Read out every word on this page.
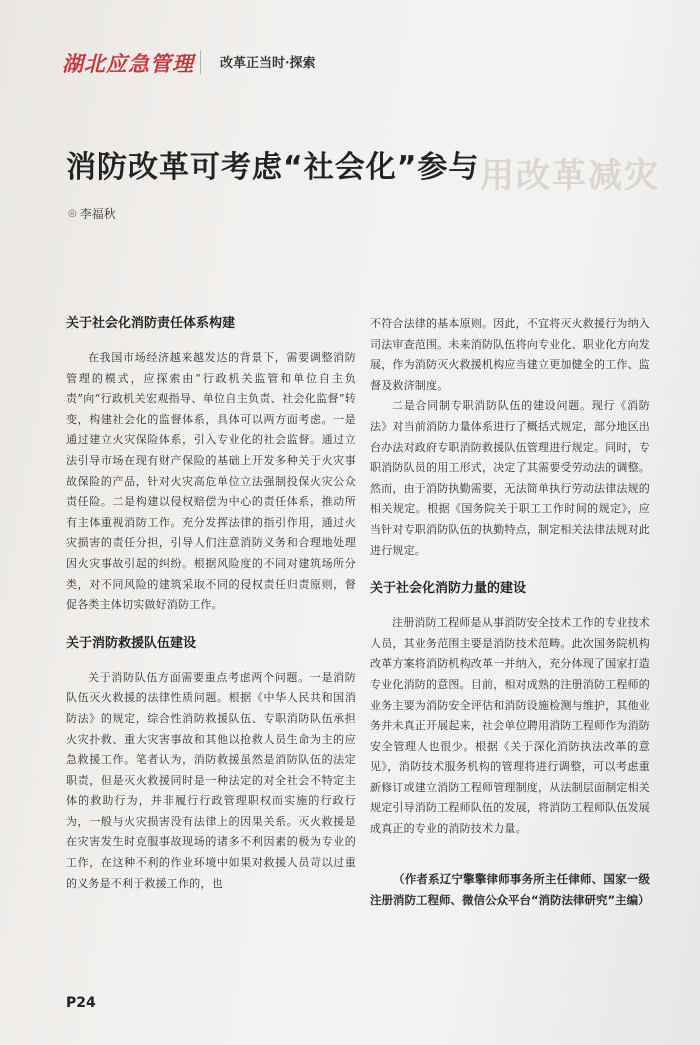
湖北应急管理 改革正当时·探索
用改革减灾
消防改革可考虑“社会化”参与
◎ 李福秋
关于社会化消防责任体系构建

在我国市场经济越来越发达的背景下，需要调整消防管理的模式，应探索由“行政机关监管和单位自主负责”向“行政机关宏观指导、单位自主负责、社会化监督”转变，构建社会化的监督体系，具体可以两方面考虑。一是通过建立火灾保险体系，引入专业化的社会监督。通过立法引导市场在现有财产保险的基础上开发多种关于火灾事故保险的产品，针对火灾高危单位立法强制投保火灾公众责任险。二是构建以侵权赔偿为中心的责任体系，推动所有主体重视消防工作。充分发挥法律的指引作用，通过火灾损害的责任分担，引导人们注意消防义务和合理地处理因火灾事故引起的纠纷。根据风险度的不同对建筑场所分类，对不同风险的建筑采取不同的侵权责任归责原则，督促各类主体切实做好消防工作。

关于消防救援队伍建设

关于消防队伍方面需要重点考虑两个问题。一是消防队伍灭火救援的法律性质问题。根据《中华人民共和国消防法》的规定，综合性消防救援队伍、专职消防队伍承担火灾扑救、重大灾害事故和其他以抢救人员生命为主的应急救援工作。笔者认为，消防救援虽然是消防队伍的法定职责，但是灭火救援同时是一种法定的对全社会不特定主体的救助行为，并非履行行政管理职权而实施的行政行为，一般与火灾损害没有法律上的因果关系。灭火救援是在灾害发生时克服事故现场的诸多不利因素的极为专业的工作，在这种不利的作业环境中如果对救援人员苛以过重的义务是不利于救援工作的，也

不符合法律的基本原则。因此，不宜将灭火救援行为纳入司法审查范围。未来消防队伍将向专业化、职业化方向发展，作为消防灭火救援机构应当建立更加健全的工作、监督及救济制度。

二是合同制专职消防队伍的建设问题。现行《消防法》对当前消防力量体系进行了概括式规定，部分地区出台办法对政府专职消防救援队伍管理进行规定。同时，专职消防队员的用工形式，决定了其需要受劳动法的调整。然而，由于消防执勤需要，无法简单执行劳动法律法规的相关规定。根据《国务院关于职工工作时间的规定》，应当针对专职消防队伍的执勤特点，制定相关法律法规对此进行规定。

关于社会化消防力量的建设

注册消防工程师是从事消防安全技术工作的专业技术人员，其业务范围主要是消防技术范畴。此次国务院机构改革方案将消防机构改革一并纳入，充分体现了国家打造专业化消防的意图。目前，相对成熟的注册消防工程师的业务主要为消防安全评估和消防设施检测与维护，其他业务并未真正开展起来，社会单位聘用消防工程师作为消防安全管理人也很少。根据《关于深化消防执法改革的意见》，消防技术服务机构的管理将进行调整，可以考虑重新修订或建立消防工程师管理制度，从法制层面制定相关规定引导消防工程师队伍的发展，将消防工程师队伍发展成真正的专业的消防技术力量。

（作者系辽宁擎擎律师事务所主任律师、国家一级注册消防工程师、微信公众平台“消防法律研究”主编）

P24
